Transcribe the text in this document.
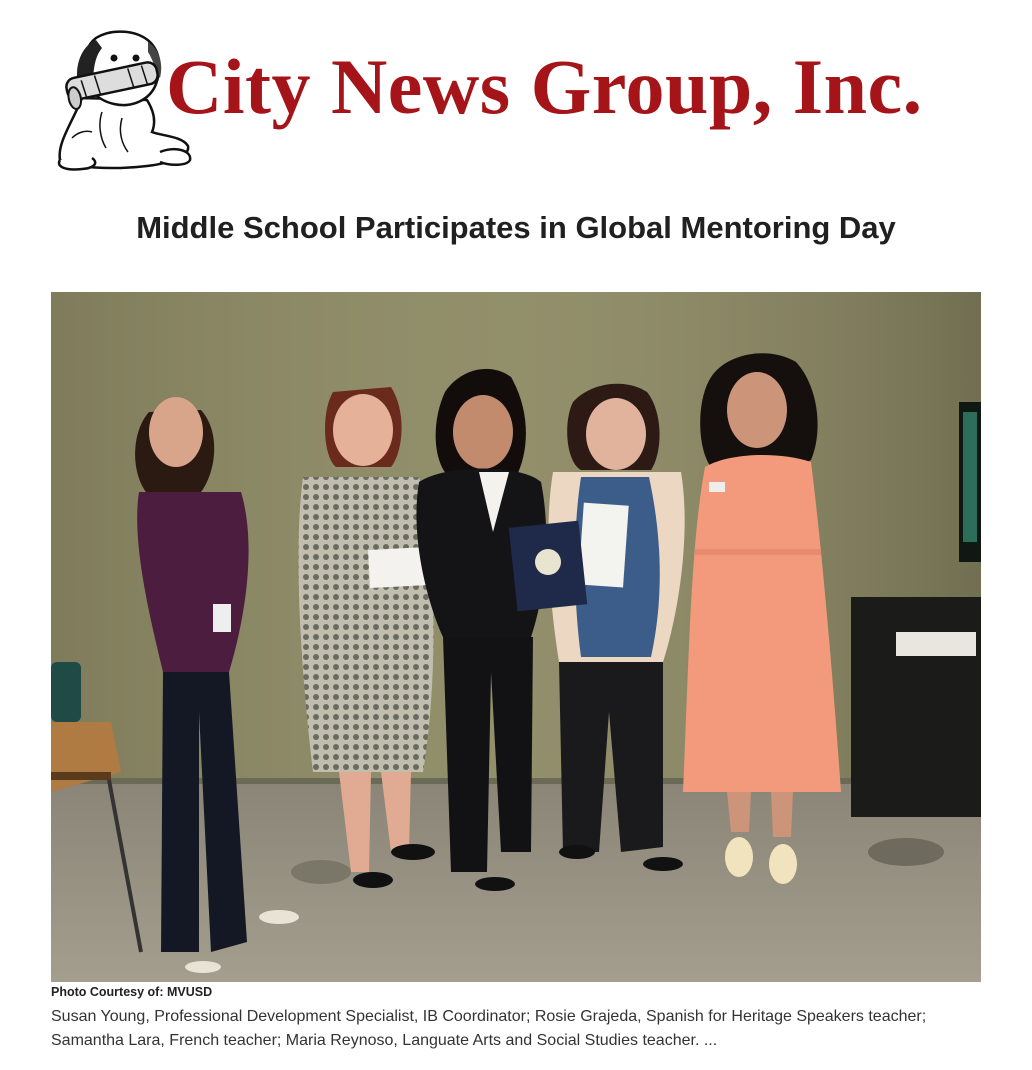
City News Group, Inc.
Middle School Participates in Global Mentoring Day
Photo Courtesy of: MVUSD

Susan Young, Professional Development Specialist, IB Coordinator; Rosie Grajeda, Spanish for Heritage Speakers teacher; Samantha Lara, French teacher; Maria Reynoso, Languate Arts and Social Studies teacher. ...
